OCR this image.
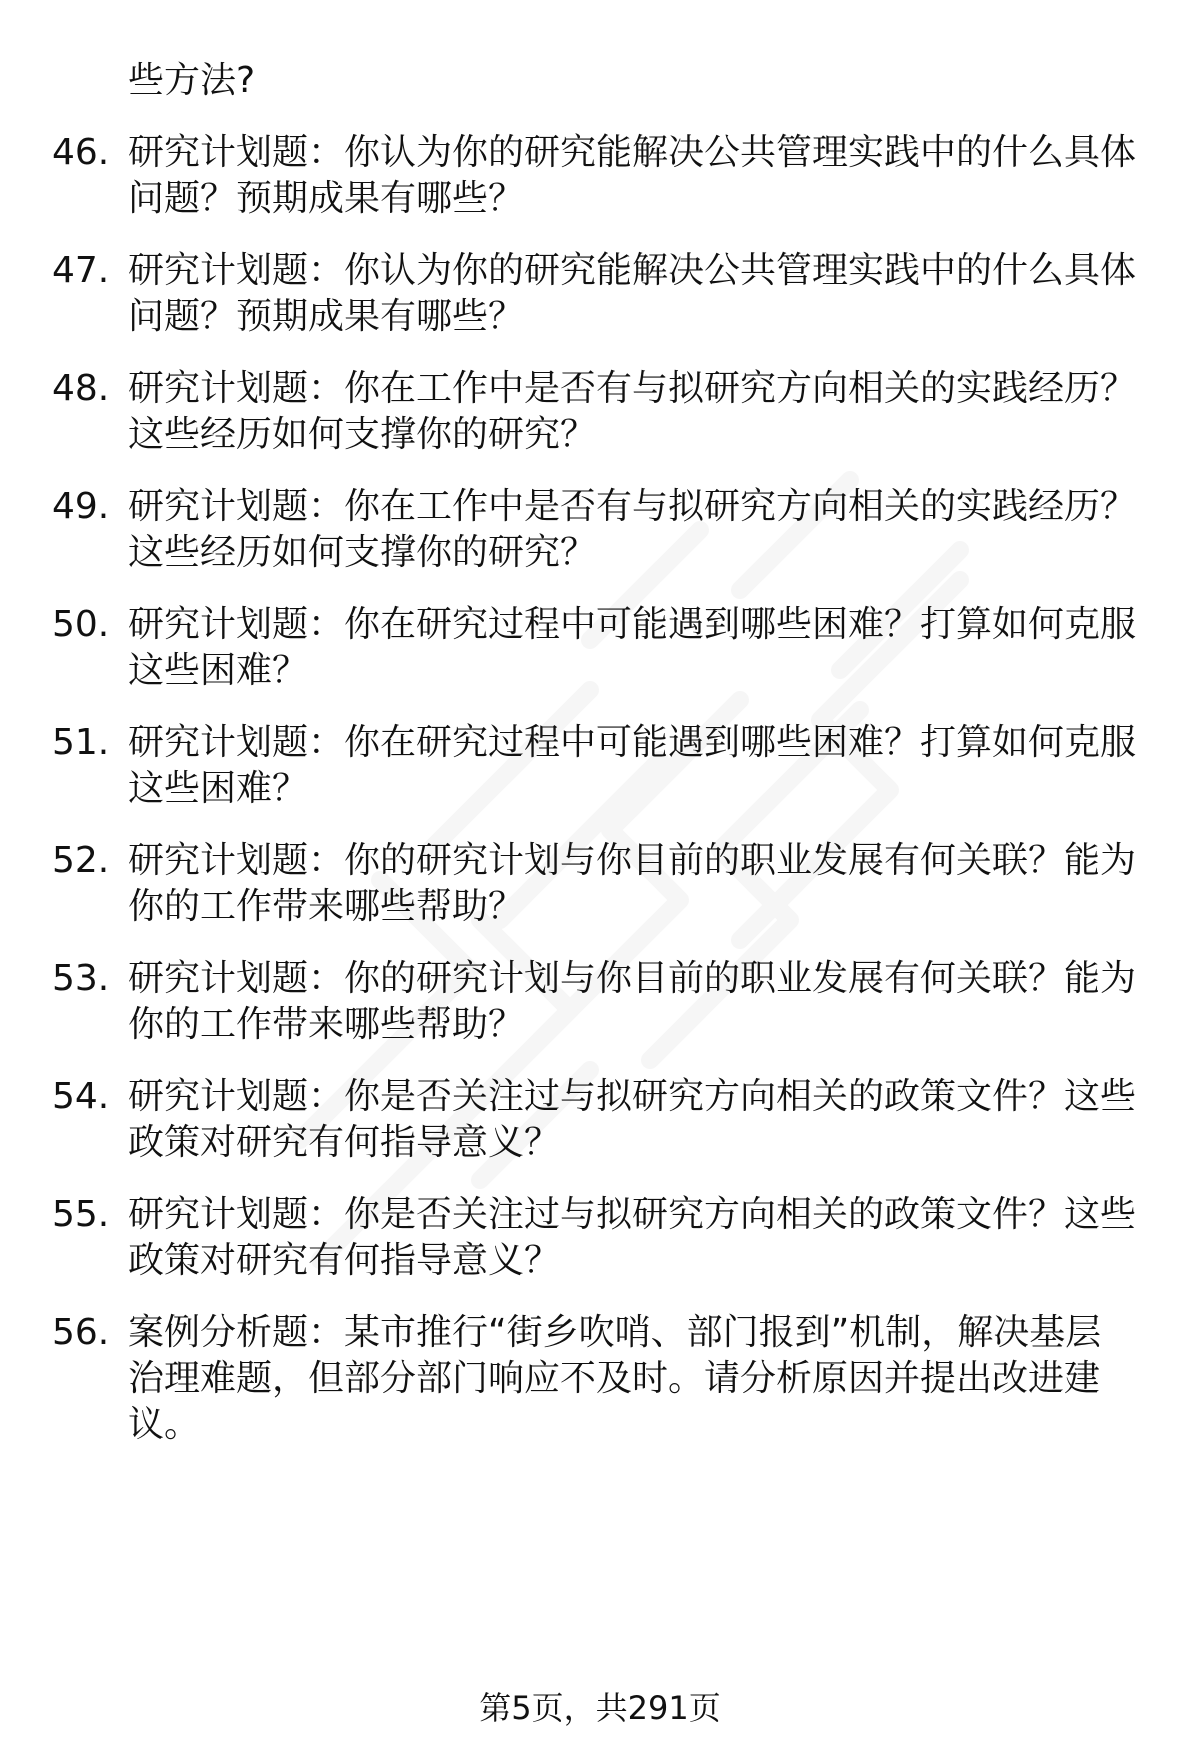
些方法?
46. 研究计划题：你认为你的研究能解决公共管理实践中的什么具体
问题？预期成果有哪些？
47. 研究计划题：你认为你的研究能解决公共管理实践中的什么具体
问题？预期成果有哪些？
48. 研究计划题：你在工作中是否有与拟研究方向相关的实践经历？
这些经历如何支撑你的研究？
49. 研究计划题：你在工作中是否有与拟研究方向相关的实践经历？
这些经历如何支撑你的研究？
50. 研究计划题：你在研究过程中可能遇到哪些困难？打算如何克服
这些困难？
51. 研究计划题：你在研究过程中可能遇到哪些困难？打算如何克服
这些困难？
52. 研究计划题：你的研究计划与你目前的职业发展有何关联？能为
你的工作带来哪些帮助？
53. 研究计划题：你的研究计划与你目前的职业发展有何关联？能为
你的工作带来哪些帮助？
54. 研究计划题：你是否关注过与拟研究方向相关的政策文件？这些
政策对研究有何指导意义？
55. 研究计划题：你是否关注过与拟研究方向相关的政策文件？这些
政策对研究有何指导意义？
56. 案例分析题：某市推行“街乡吹哨、部门报到”机制，解决基层
治理难题，但部分部门响应不及时。请分析原因并提出改进建
议。
第5页，共291页
